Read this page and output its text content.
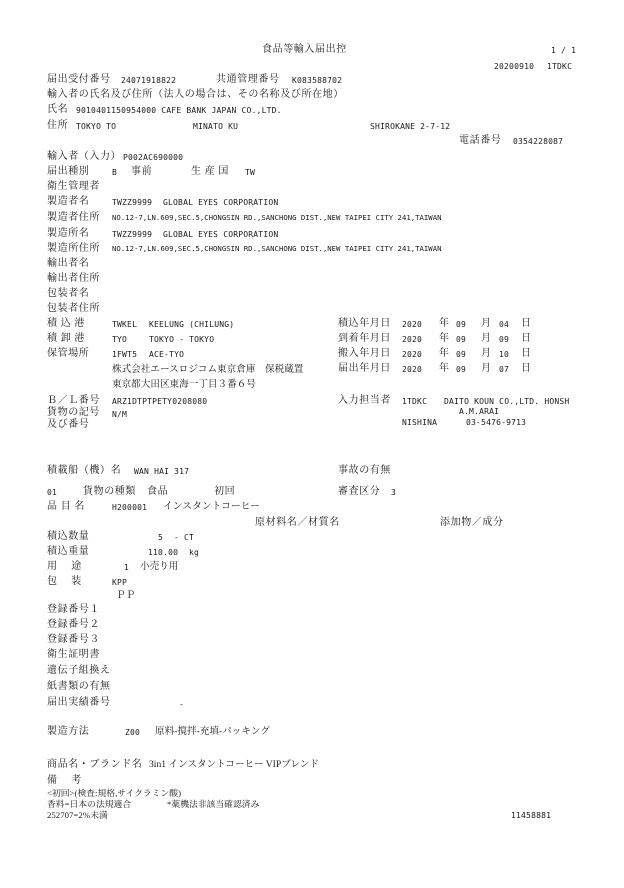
食品等輸入届出控	1 / 1
20200910 1TDKC
届出受付番号 24071918822	共通管理番号 K083588702
輸入者の氏名及び住所（法人の場合は、その名称及び所在地）
氏名 9010401150954000 CAFE BANK JAPAN CO.,LTD.
住所 TOKYO TO	MINATO KU	SHIROKANE 2-7-12
電話番号 0354228087
輸入者（入力） P002AC690000
届出種別	B 事前	生 産 国 TW
衛生管理者
製造者名	TWZZ9999 GLOBAL EYES CORPORATION
製造者住所 NO.12-7,LN.609,SEC.5,CHONGSIN RD.,SANCHONG DIST.,NEW TAIPEI CITY 241,TAIWAN
製造所名	TWZZ9999 GLOBAL EYES CORPORATION
製造所住所 NO.12-7,LN.609,SEC.5,CHONGSIN RD.,SANCHONG DIST.,NEW TAIPEI CITY 241,TAIWAN
輸出者名
輸出者住所
包装者名
包装者住所
積 込 港	TWKEL KEELUNG (CHILUNG)
積 卸 港	TYO	TOKYO - TOKYO
保管場所	1FWT5 ACE-TYO
株式会社エースロジコム東京倉庫　保税蔵置
東京都大田区東海一丁目３番６号
積込年月日 2020 年 09 月 04 日
到着年月日 2020 年 09 月 09 日
搬入年月日 2020 年 09 月 10 日
届出年月日 2020 年 09 月 07 日
Ｂ／Ｌ番号 ARZ1DTPTPETY0208080
貨物の記号
及び番号
N/M
入力担当者 1TDKC DAITO KOUN CO.,LTD. HONSH
A.M.ARAI
NISHINA	03-5476-9713
積載船（機）名 WAN HAI 317	事故の有無
01	貨物の種類 食品	初回	審査区分 3
品 目 名	H200001 インスタントコーヒー
原材料名／材質名	添加物／成分
積込数量	5 - CT
積込重量	110.00 kg
用　 途	1 小売り用
包　 装	KPP
ＰＰ
登録番号１
登録番号２
登録番号３
衛生証明書
遺伝子組換え
紙書類の有無
届出実績番号	-
製造方法	Z00 原料-撹拌-充填-パッキング
商品名・ブランド名 3in1 インスタントコーヒー VIPブレンド
備　 考
<初回>(検査:規格,サイクラミン酸)
香料=日本の法規適合	*薬機法非該当確認済み
252707=2%未満	11458881
